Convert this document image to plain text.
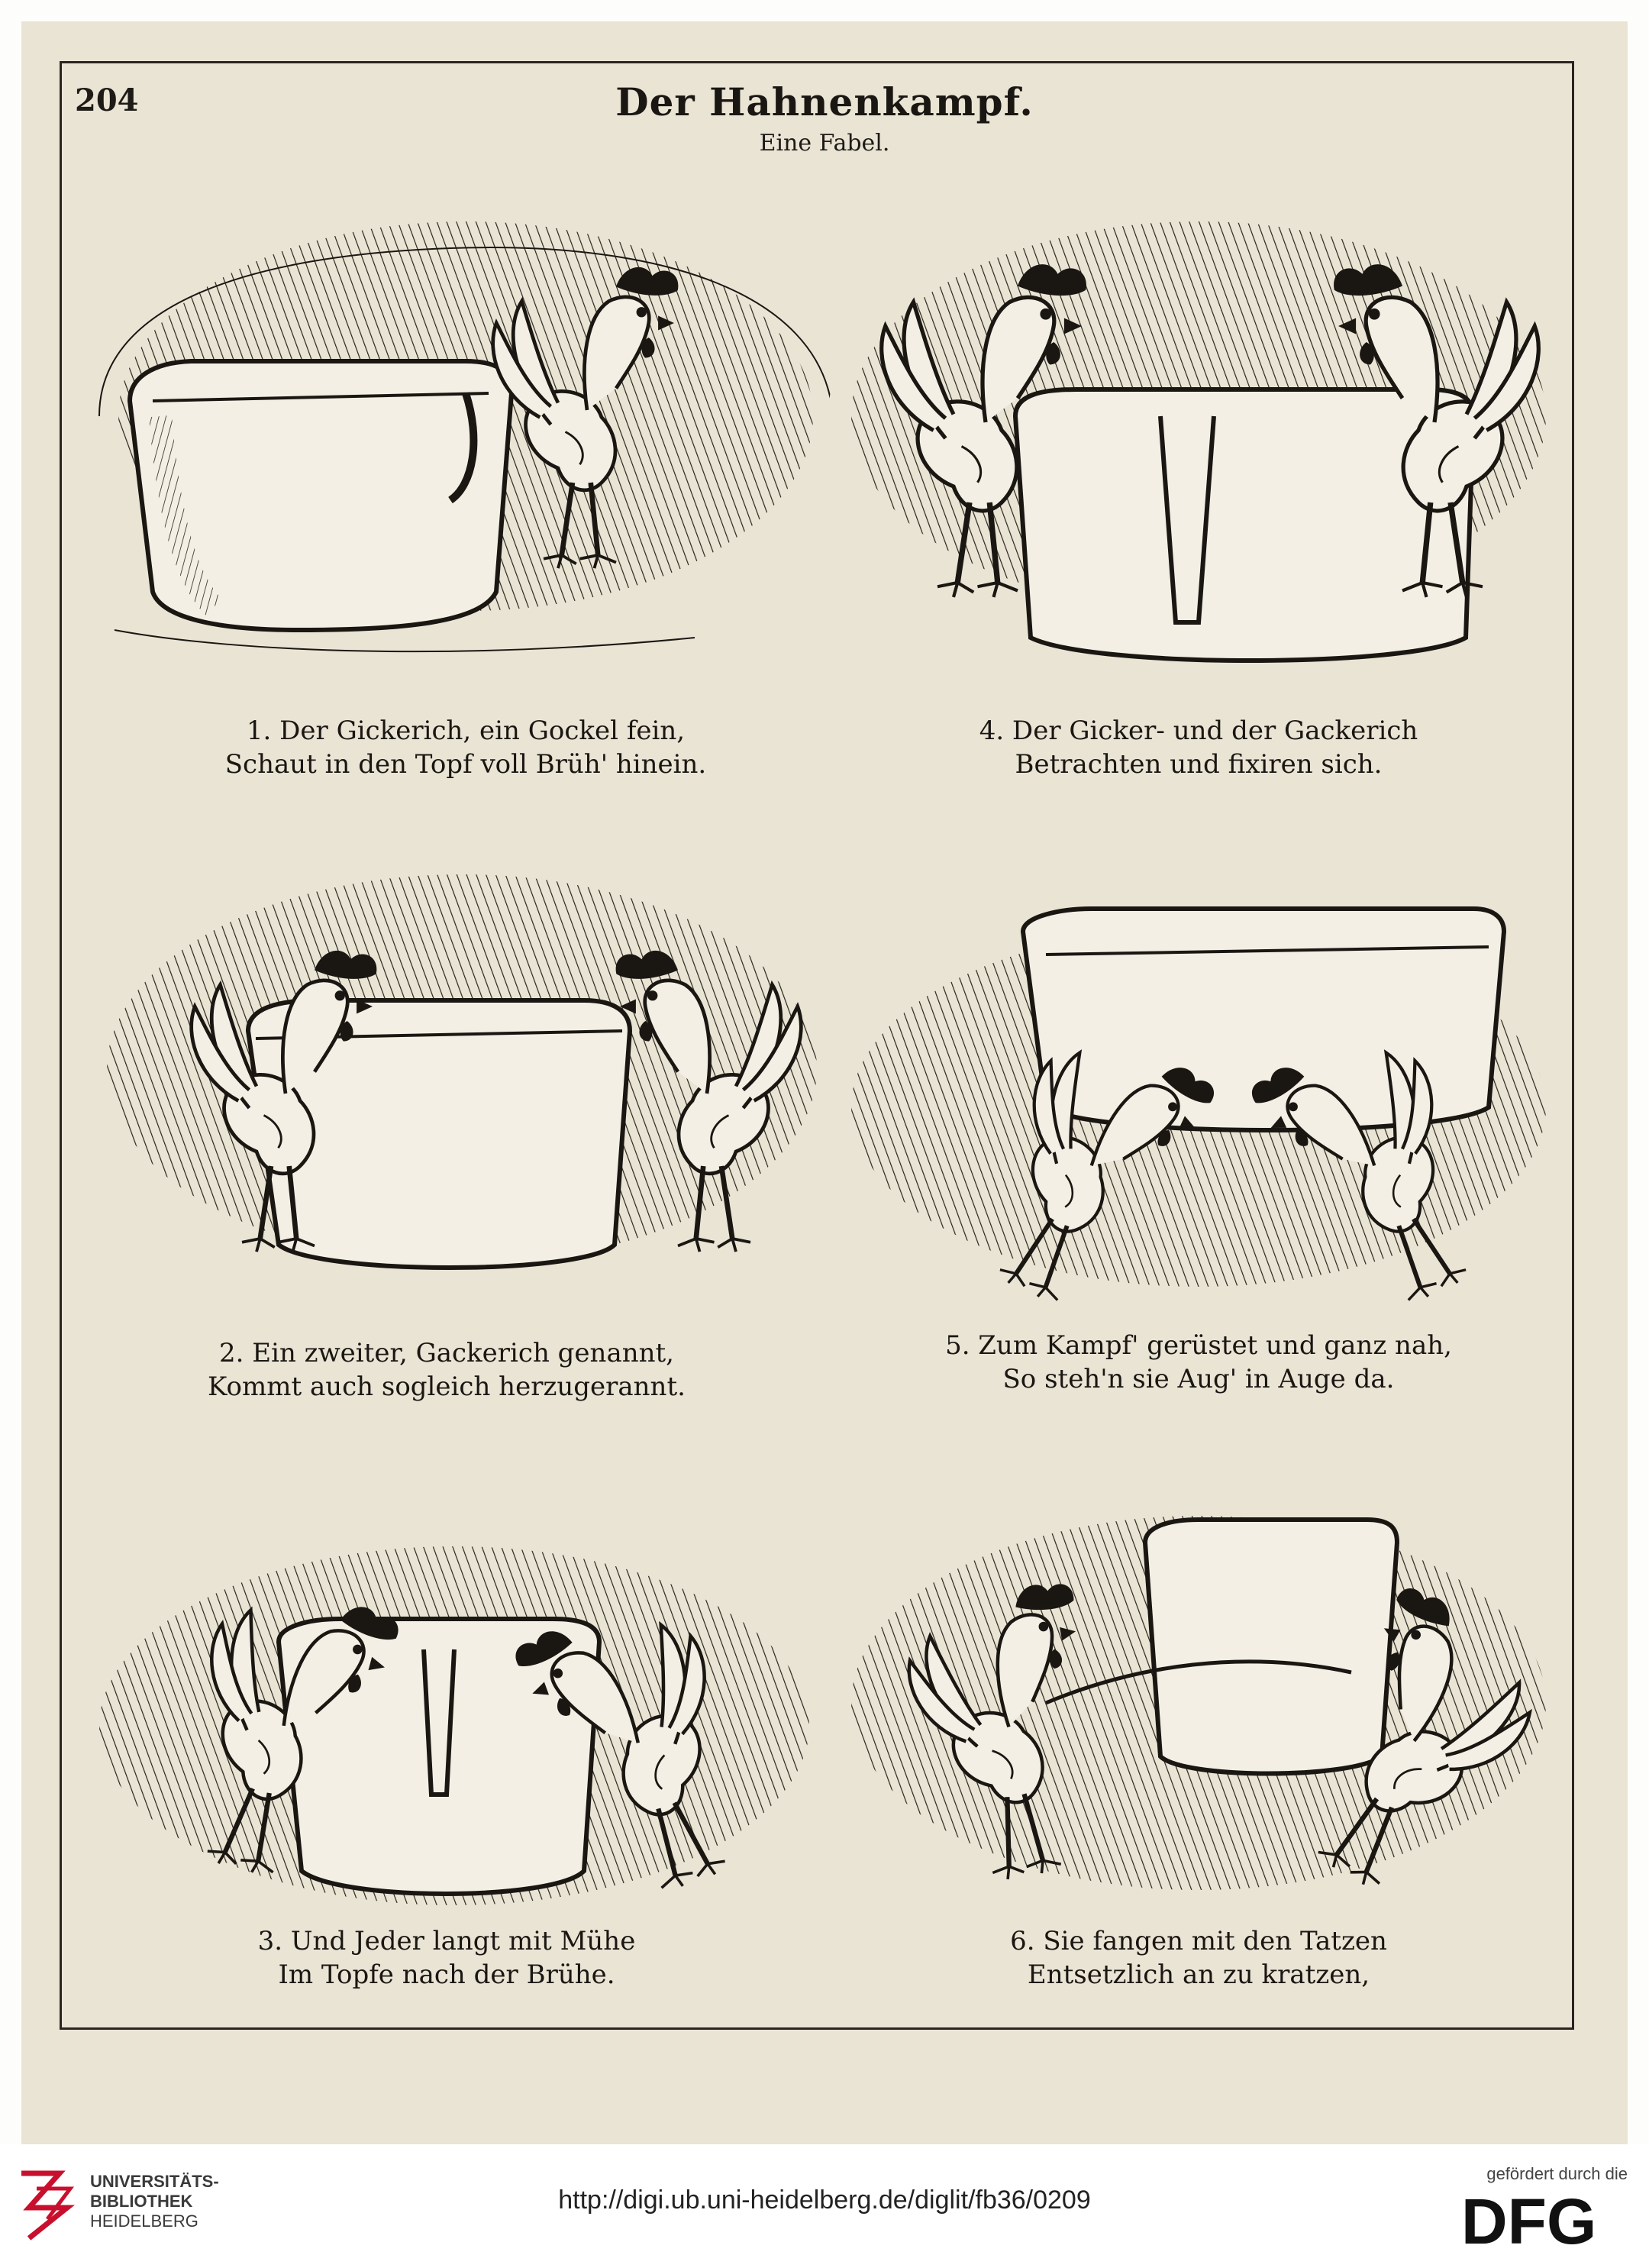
204	Der Hahnenkampf.
Eine Fabel.
1. Der Gickerich, ein Gockel fein,
Schaut in den Topf voll Brüh' hinein.
4. Der Gicker- und der Gackerich
Betrachten und fixiren sich.
2. Ein zweiter, Gackerich genannt,
Kommt auch sogleich herzugerannt.
5. Zum Kampf' gerüstet und ganz nah,
So steh'n sie Aug' in Auge da.
3. Und Jeder langt mit Mühe
Im Topfe nach der Brühe.
6. Sie fangen mit den Tatzen
Entsetzlich an zu kratzen,
UNIVERSITÄTS-
BIBLIOTHEK
HEIDELBERG
http://digi.ub.uni-heidelberg.de/diglit/fb36/0209
gefördert durch die
DFG
